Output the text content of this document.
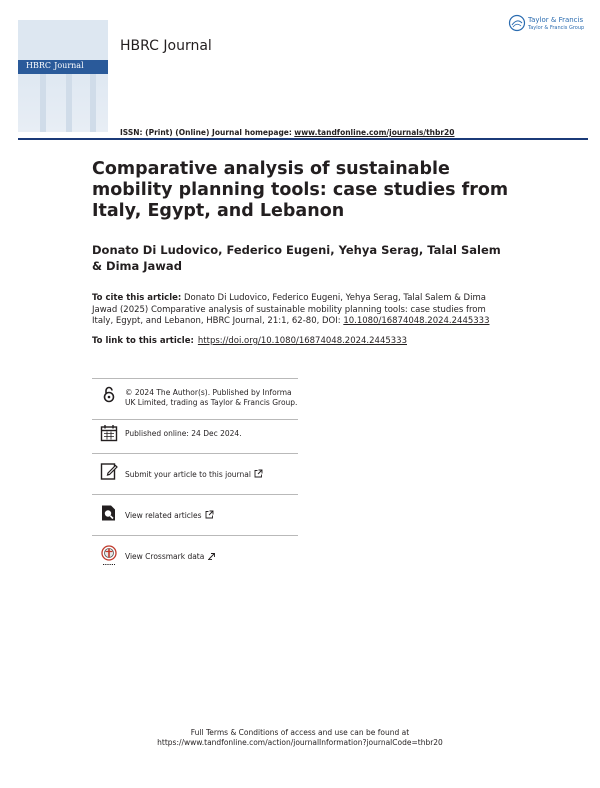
HBRC Journal
HBRC Journal
Taylor & Francis
Taylor & Francis Group
ISSN: (Print) (Online) Journal homepage: www.tandfonline.com/journals/thbr20
Comparative analysis of sustainable mobility planning tools: case studies from Italy, Egypt, and Lebanon
Donato Di Ludovico, Federico Eugeni, Yehya Serag, Talal Salem & Dima Jawad
To cite this article: Donato Di Ludovico, Federico Eugeni, Yehya Serag, Talal Salem & Dima Jawad (2025) Comparative analysis of sustainable mobility planning tools: case studies from Italy, Egypt, and Lebanon, HBRC Journal, 21:1, 62-80, DOI: 10.1080/16874048.2024.2445333
To link to this article: https://doi.org/10.1080/16874048.2024.2445333
© 2024 The Author(s). Published by Informa UK Limited, trading as Taylor & Francis Group.
Published online: 24 Dec 2024.
Submit your article to this journal
View related articles
View Crossmark data
Full Terms & Conditions of access and use can be found at
https://www.tandfonline.com/action/journalInformation?journalCode=thbr20
